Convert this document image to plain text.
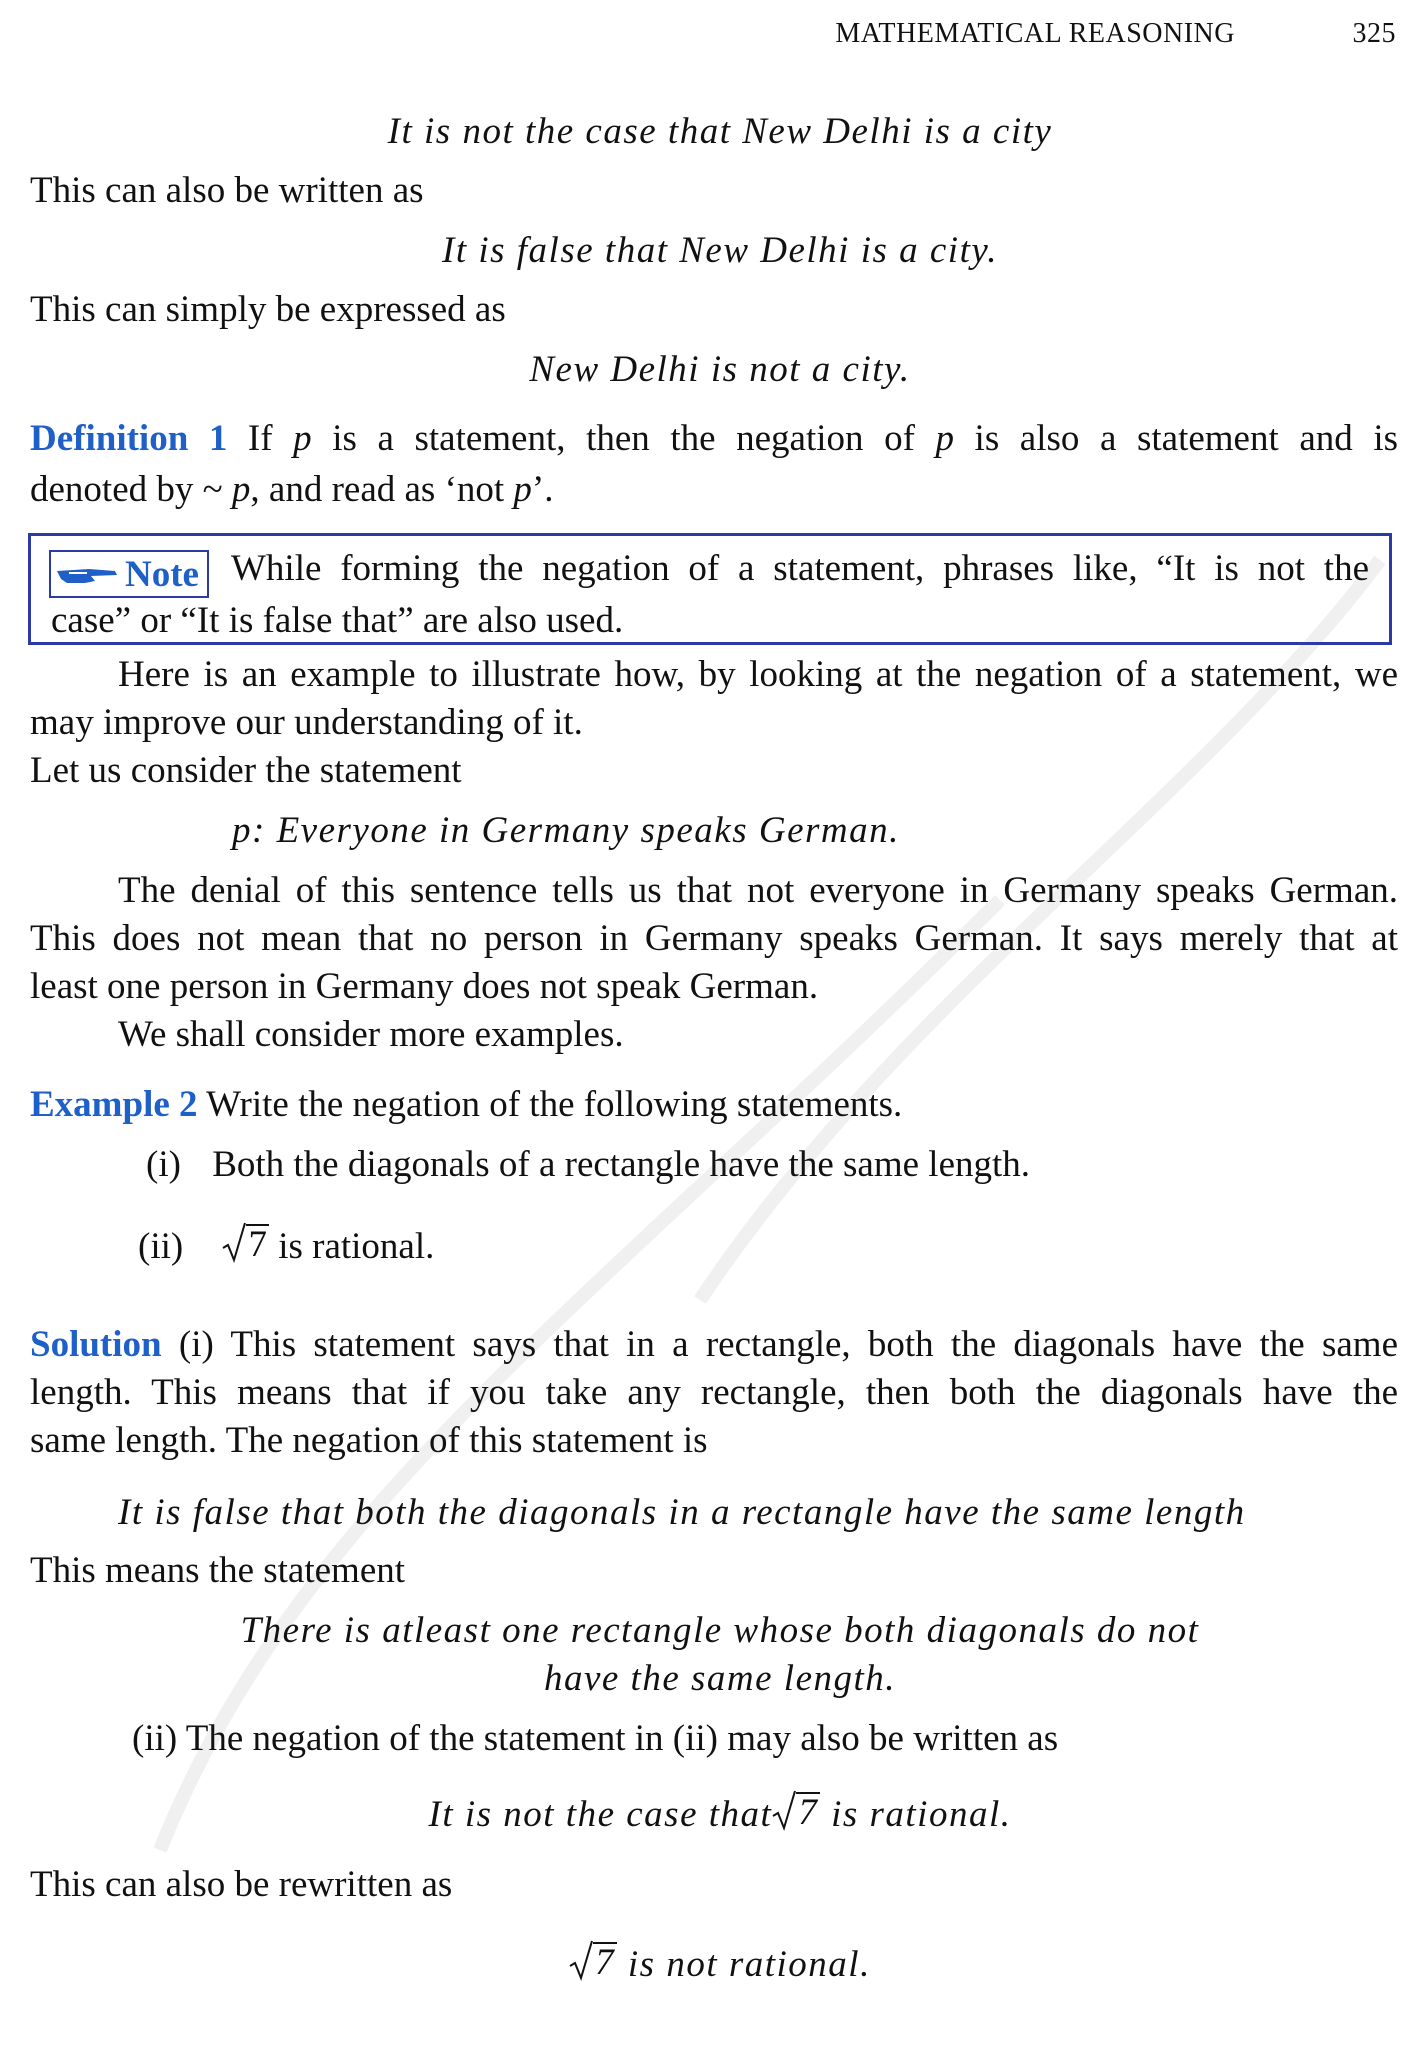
MATHEMATICAL REASONING	325
It is not the case that New Delhi is a city
This can also be written as
It is false that New Delhi is a city.
This can simply be expressed as
New Delhi is not a city.
Definition 1 If p is a statement, then the negation of p is also a statement and is
denoted by ~ p, and read as ‘not p’.
Note While forming the negation of a statement, phrases like, “It is not the
case” or “It is false that” are also used.
Here is an example to illustrate how, by looking at the negation of a statement, we
may improve our understanding of it.
Let us consider the statement
p: Everyone in Germany speaks German.
The denial of this sentence tells us that not everyone in Germany speaks German.
This does not mean that no person in Germany speaks German. It says merely that at
least one person in Germany does not speak German.
We shall consider more examples.
Example 2 Write the negation of the following statements.
(i) Both the diagonals of a rectangle have the same length.
(ii) 7 is rational.
Solution (i) This statement says that in a rectangle, both the diagonals have the same
length. This means that if you take any rectangle, then both the diagonals have the
same length. The negation of this statement is
It is false that both the diagonals in a rectangle have the same length
This means the statement
There is atleast one rectangle whose both diagonals do not
have the same length.
(ii) The negation of the statement in (ii) may also be written as
It is not the case that 7 is rational.
This can also be rewritten as
7 is not rational.
